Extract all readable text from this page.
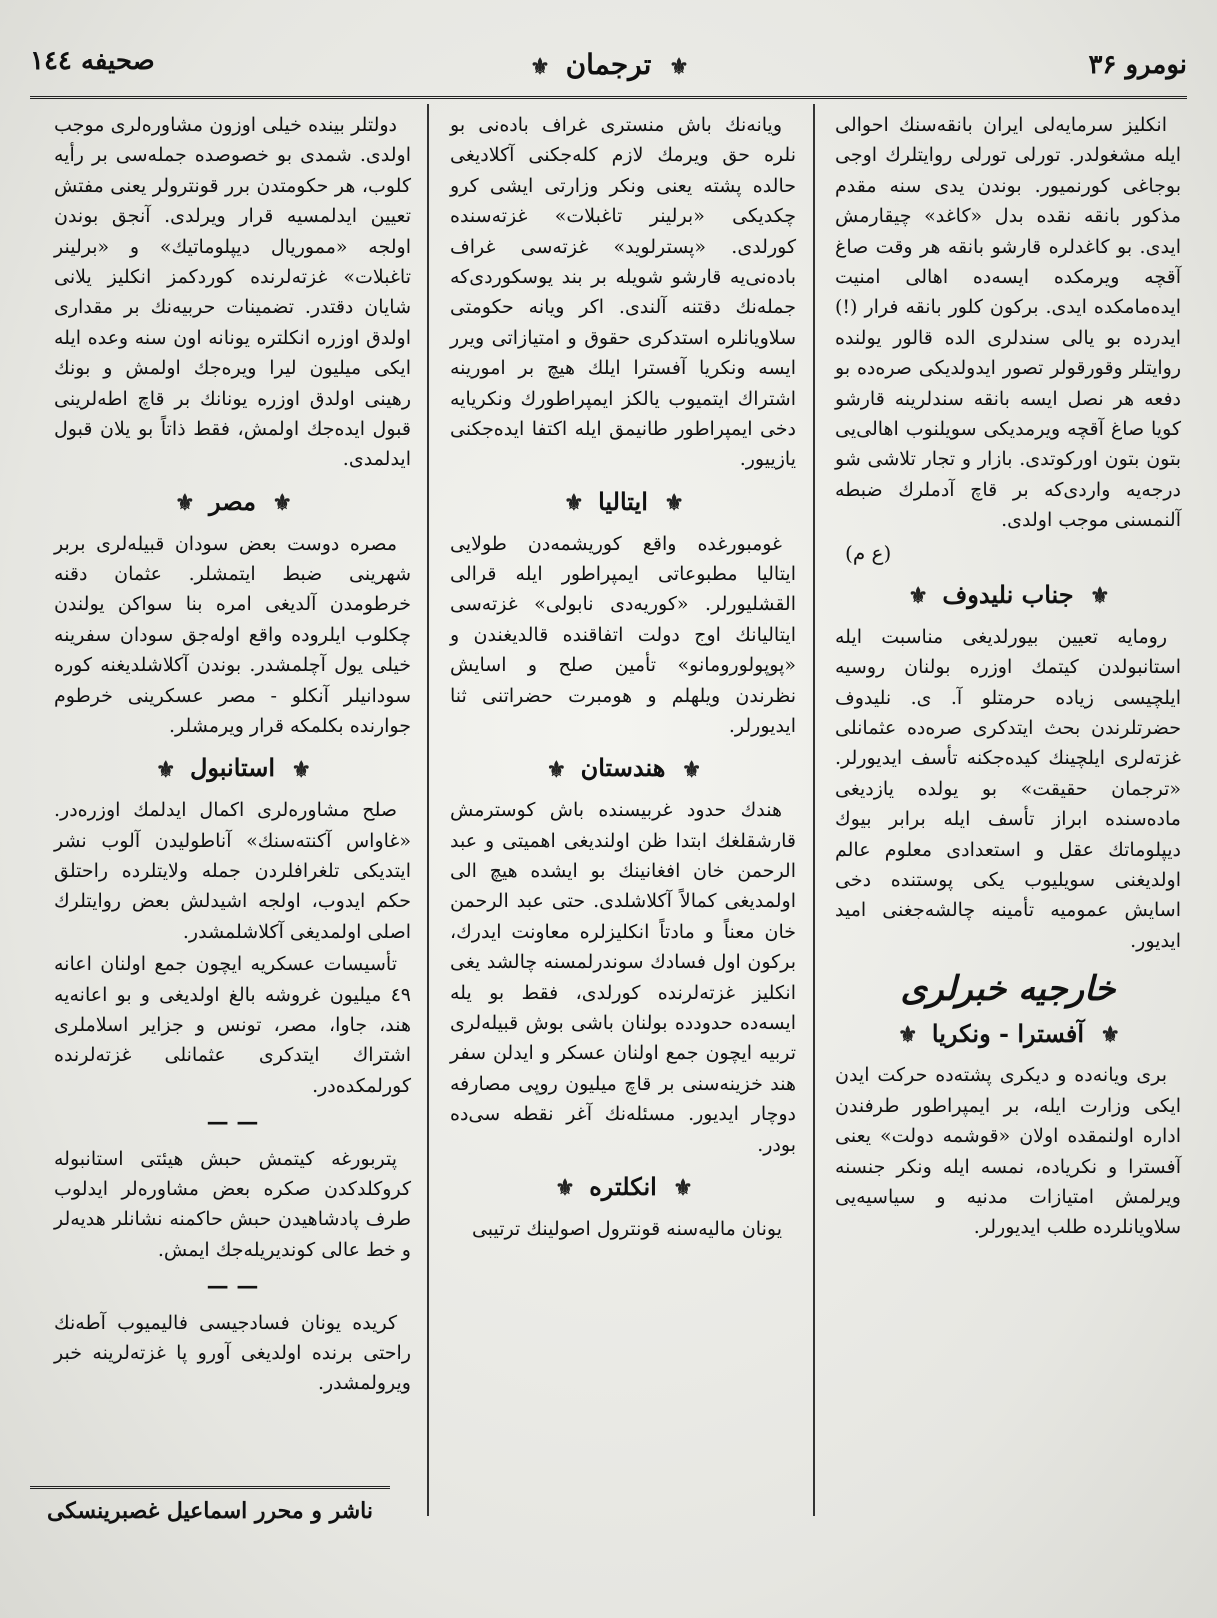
نومرو ۳۶
⚜ ترجمان ⚜
صحيفه ۱٤٤

انكليز سرمايه‌لى ايران بانقه‌سنك احوالى ايله مشغولدر. تورلى تورلى روايتلرك اوجى بوجاغى كورنميور. بوندن يدى سنه مقدم مذكور بانقه نقده بدل «كاغد» چيقارمش ايدى. بو كاغدلره قارشو بانقه هر وقت صاغ آقچه ويرمكده ايسه‌ده اهالى امنيت ايده‌مامكده ايدى. بركون كلور بانقه فرار (!) ايدرده بو يالى سندلرى الده قالور يولنده روايتلر وقورقولر تصور ايدولديكى صره‌ده بو دفعه هر نصل ايسه بانقه سندلرينه قارشو كويا صاغ آقچه ويرمديكى سويلنوب اهالى‌يى بتون بتون اوركوتدى. بازار و تجار تلاشى شو درجه‌يه واردى‌كه بر قاچ آدملرك ضبطه آلنمسنى موجب اولدى.

(ع م)
⚜ جناب نليدوف ⚜

رومايه تعيين بيورلديغى مناسبت ايله استانبولدن كيتمك اوزره بولنان روسيه ايلچيسى زياده حرمتلو آ. ى. نليدوف حضرتلرندن بحث ايتدكرى صره‌ده عثمانلى غزته‌لرى ايلچينك كيده‌جكنه تأسف ايديورلر. «ترجمان حقيقت» بو يولده يازديغى ماده‌سنده ابراز تأسف ايله برابر بيوك ديپلوماتك عقل و استعدادى معلوم عالم اولديغنى سويليوب يكى پوستنده دخى اسايش عموميه تأمينه چالشه‌جغنى اميد ايديور.

خارجيه خبرلرى
⚜ آفسترا - ونكريا ⚜

برى ويانه‌ده و ديكرى پشته‌ده حركت ايدن ايكى وزارت ايله، بر ايمپراطور طرفندن اداره اولنمقده اولان «قوشمه دولت» يعنى آفسترا و نكريا‌ده، نمسه ايله ونكر جنسنه ويرلمش امتيازات مدنيه و سياسيه‌يى سلاويانلرده طلب ايديورلر.

ويانه‌نك باش منسترى غراف باده‌نى بو نلره حق ويرمك لازم كله‌جكنى آكلاديغى حالده پشته يعنى ونكر وزارتى ايشى كرو چكديكى «برلينر تاغبلات» غزته‌سنده كورلدى. «پسترلويد» غزته‌سى غراف باده‌نى‌يه قارشو شويله بر بند يوسكوردى‌كه جمله‌نك دقتنه آلندى. اكر ويانه حكومتى سلاويانلره استدكرى حقوق و امتيازاتى ويرر ايسه ونكريا آفسترا ايلك هيچ بر امورينه اشتراك ايتميوب يالكز ايمپراطورك ونكريايه دخى ايمپراطور طانيمق ايله اكتفا ايده‌جكنى يازييور.

⚜ ايتاليا ⚜

غومبورغده واقع كوريشمه‌دن طولايى ايتاليا مطبوعاتى ايمپراطور ايله قرالى القشليورلر. «كوريه‌دى نابولى» غزته‌سى ايتاليانك اوج دولت اتفاقنده قالديغندن و «پوپولورومانو» تأمين صلح و اسايش نظرندن ويلهلم و هومبرت حضراتنى ثنا ايديورلر.

⚜ هندستان ⚜

هندك حدود غربيسنده باش كوسترمش قارشقلغك ابتدا ظن اولنديغى اهميتى و عبد الرحمن خان افغانينك بو ايشده هيچ الى اولمديغى كمالاً آكلاشلدى. حتى عبد الرحمن خان معناً و مادتاً انكليزلره معاونت ايدرك، بركون اول فسادك سوندرلمسنه چالشد يغى انكليز غزته‌لرنده كورلدى، فقط بو يله ايسه‌ده حدودده بولنان باشى بوش قبيله‌لرى تربيه ايچون جمع اولنان عسكر و ايدلن سفر هند خزينه‌سنى بر قاچ ميليون روپى مصارفه دوچار ايديور. مسئله‌نك آغر نقطه سى‌ده بودر.

⚜ انكلتره ⚜

يونان ماليه‌سنه قونترول اصولينك ترتيبى

دولتلر بينده خيلى اوزون مشاوره‌لرى موجب اولدى. شمدى بو خصوصده جمله‌سى بر رأيه كلوب، هر حكومتدن برر قونترولر يعنى مفتش تعيين ايدلمسيه قرار ويرلدى. آنجق بوندن اولجه «مموريال ديپلوماتيك» و «برلينر تاغبلات» غزته‌لرنده كوردكمز انكليز يلانى شايان دقتدر. تضمينات حربيه‌نك بر مقدارى اولدق اوزره انكلتره يونانه اون سنه وعده ايله ايكى ميليون ليرا ويره‌جك اولمش و بونك رهينى اولدق اوزره يونانك بر قاچ اطه‌لرينى قبول ايده‌جك اولمش، فقط ذاتاً بو يلان قبول ايدلمدى.

⚜ مصر ⚜

مصره دوست بعض سودان قبيله‌لرى بربر شهرينى ضبط ايتمشلر. عثمان دقنه خرطومدن آلديغى امره بنا سواكن يولندن چكلوب ايلروده واقع اوله‌جق سودان سفرينه خيلى يول آچلمشدر. بوندن آكلاشلديغنه كوره سودانيلر آنكلو - مصر عسكرينى خرطوم جوارنده بكلمكه قرار ويرمشلر.

⚜ استانبول ⚜

صلح مشاوره‌لرى اكمال ايدلمك اوزره‌در. «غاواس آكنته‌سنك» آناطوليدن آلوب نشر ايتديكى تلغرافلردن جمله ولايتلرده راحتلق حكم ايدوب، اولجه اشيدلش بعض روايتلرك اصلى اولمديغى آكلاشلمشدر.

تأسيسات عسكريه ايچون جمع اولنان اعانه ٤٩ ميليون غروشه بالغ اولديغى و بو اعانه‌يه هند، جاوا، مصر، تونس و جزاير اسلاملرى اشتراك ايتدكرى عثمانلى غزته‌لرنده كورلمكده‌در.

— —

پتربورغه كيتمش حبش هيئتى استانبوله كروكلدكدن صكره بعض مشاوره‌لر ايدلوب طرف پادشاهيدن حبش حاكمنه نشانلر هديه‌لر و خط عالى كونديريله‌جك ايمش.

— —

كريده يونان فسادجيسى فاليميوب آطه‌نك راحتى برنده اولديغى آورو پا غزته‌لرينه خبر ويرولمشدر.

ناشر و محرر اسماعيل غصبرينسكى
